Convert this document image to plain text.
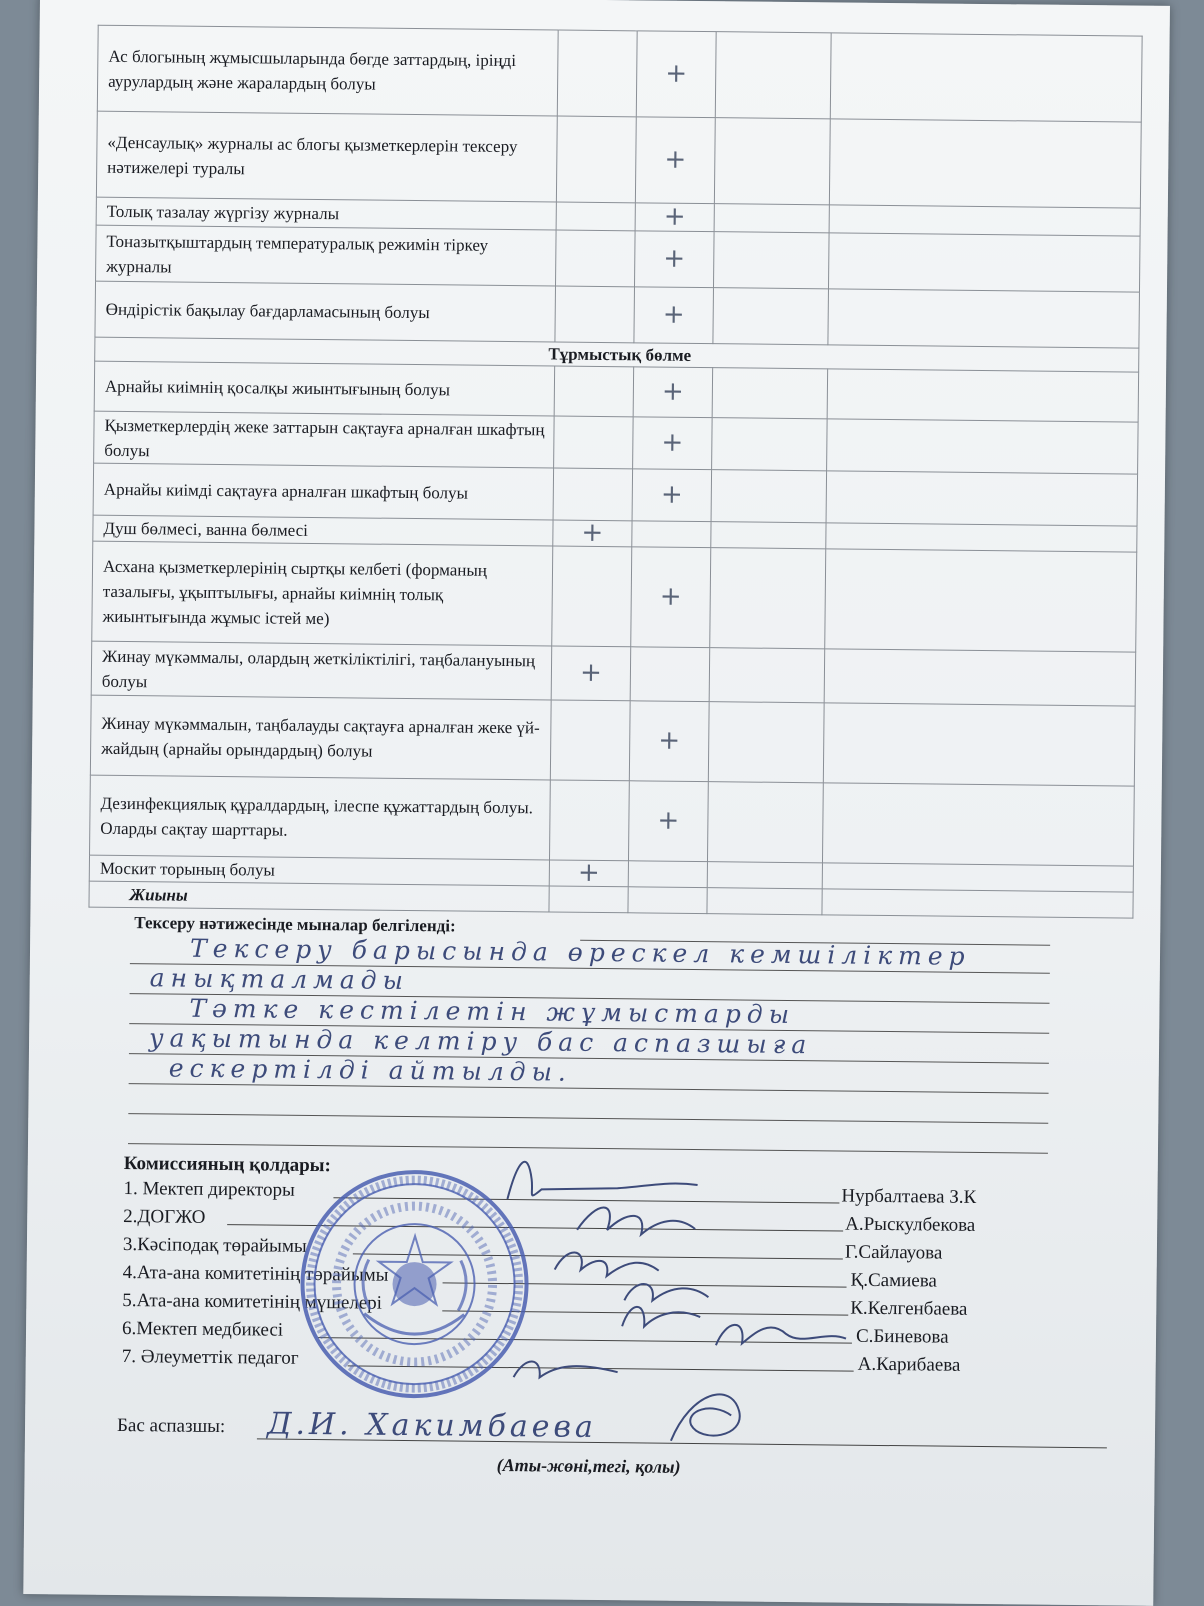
Ас блогының жұмысшыларында бөгде заттардың, іріңді аурулардың және жаралардың болуы		+		
«Денсаулық» журналы ас блогы қызметкерлерін тексеру нәтижелері туралы		+		
Толық тазалау жүргізу журналы		+		
Тоназытқыштардың температуралық режимін тіркеу журналы		+		
Өндірістік бақылау бағдарламасының болуы		+		
Тұрмыстық бөлме				
Арнайы киімнің қосалқы жиынтығының болуы		+		
Қызметкерлердің жеке заттарын сақтауға арналған шкафтың болуы		+		
Арнайы киімді сақтауға арналған шкафтың болуы		+		
Душ бөлмесі, ванна бөлмесі	+			
Асхана қызметкерлерінің сыртқы келбеті (форманың тазалығы, ұқыптылығы, арнайы киімнің толық жиынтығында жұмыс істей ме)		+		
Жинау мүкәммалы, олардың жеткіліктілігі, таңбалануының болуы	+			
Жинау мүкәммалын, таңбалауды сақтауға арналған жеке үй-жайдың (арнайы орындардың) болуы		+		
Дезинфекциялық құралдардың, ілеспе құжаттардың болуы. Оларды сақтау шарттары.		+		
Москит торының болуы	+			
Жиыны				
Тексеру нәтижесінде мыналар белгіленді:
Тексеру барысында өрескел кемшіліктер
анықталмады
Тәтке кестілетін жұмыстарды
уақытында келтіру бас аспазшыға
ескертілді айтылды.
Комиссияның қолдары:
1. Мектеп директоры	Нурбалтаева З.К
2.ДОГЖО	А.Рыскулбекова
3.Кәсіподақ төрайымы	Г.Сайлауова
4.Ата-ана комитетінің төрайымы	Қ.Самиева
5.Ата-ана комитетінің мүшелері	К.Келгенбаева
6.Мектеп медбикесі	С.Биневова
7. Әлеуметтік педагог	А.Карибаева
Бас аспазшы: Д.И. Хакимбаева
(Аты-жөні,тегі, қолы)
